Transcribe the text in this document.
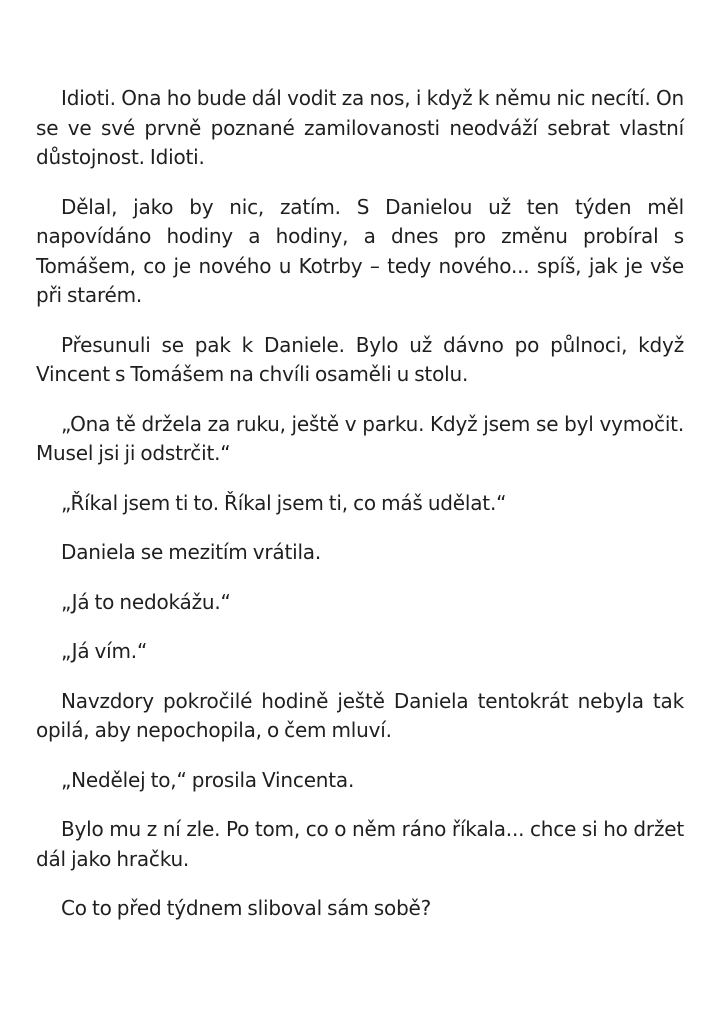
Idioti. Ona ho bude dál vodit za nos, i když k němu nic necítí. On se ve své prvně poznané zamilovanosti neodváží sebrat vlastní důstojnost. Idioti.

Dělal, jako by nic, zatím. S Danielou už ten týden měl napovídáno hodiny a hodiny, a dnes pro změnu probíral s Tomášem, co je nového u Kotrby – tedy nového... spíš, jak je vše při starém.

Přesunuli se pak k Daniele. Bylo už dávno po půlnoci, když Vincent s Tomášem na chvíli osaměli u stolu.

„Ona tě držela za ruku, ještě v parku. Když jsem se byl vymočit. Musel jsi ji odstrčit.“

„Říkal jsem ti to. Říkal jsem ti, co máš udělat.“

Daniela se mezitím vrátila.

„Já to nedokážu.“

„Já vím.“

Navzdory pokročilé hodině ještě Daniela tentokrát nebyla tak opilá, aby nepochopila, o čem mluví.

„Nedělej to,“ prosila Vincenta.

Bylo mu z ní zle. Po tom, co o něm ráno říkala... chce si ho držet dál jako hračku.

Co to před týdnem sliboval sám sobě?
